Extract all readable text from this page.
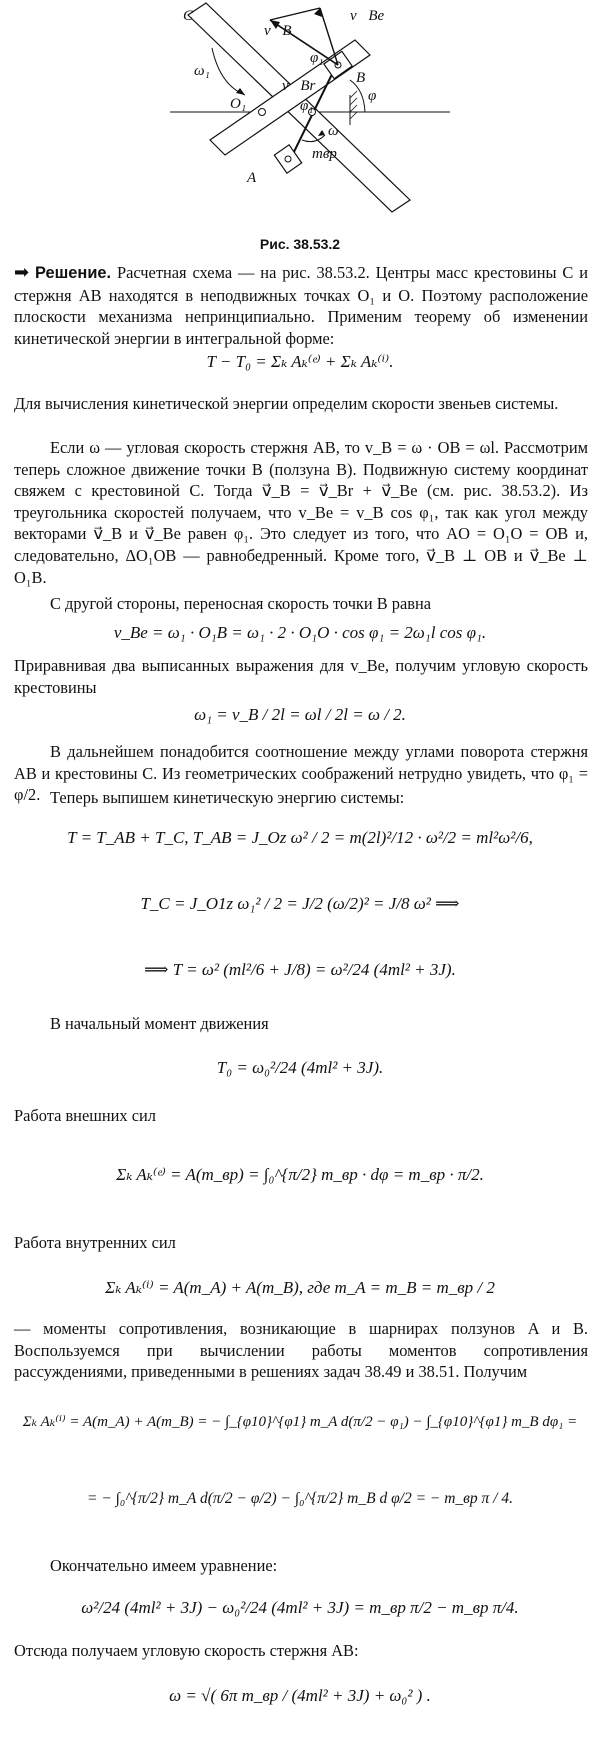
C
ω₁
O₁
A
B
v⃗B
v⃗Be
v⃗Br
φ
φ₁
φ₁
ω
mвр
Рис. 38.53.2
➡ Решение. Расчетная схема — на рис. 38.53.2. Центры масс крестовины C и стержня AB находятся в неподвижных точках O₁ и O. Поэтому расположение плоскости механизма непринципиально. Применим теорему об изменении кинетической энергии в интегральной форме:
T − T₀ = Σₖ Aₖ⁽ᵉ⁾ + Σₖ Aₖ⁽ⁱ⁾.
Для вычисления кинетической энергии определим скорости звеньев системы.
Если ω — угловая скорость стержня AB, то v_B = ω · OB = ωl. Рассмотрим теперь сложное движение точки B (ползуна B). Подвижную систему координат свяжем с крестовиной C. Тогда v⃗_B = v⃗_Br + v⃗_Be (см. рис. 38.53.2). Из треугольника скоростей получаем, что v_Be = v_B cos φ₁, так как угол между векторами v⃗_B и v⃗_Be равен φ₁. Это следует из того, что AO = O₁O = OB и, следовательно, ΔO₁OB — равнобедренный. Кроме того, v⃗_B ⊥ OB и v⃗_Be ⊥ O₁B.
С другой стороны, переносная скорость точки B равна
v_Be = ω₁ · O₁B = ω₁ · 2 · O₁O · cos φ₁ = 2ω₁l cos φ₁.
Приравнивая два выписанных выражения для v_Be, получим угловую скорость крестовины
ω₁ = v_B / 2l = ωl / 2l = ω / 2.
В дальнейшем понадобится соотношение между углами поворота стержня AB и крестовины C. Из геометрических соображений нетрудно увидеть, что φ₁ = φ/2. Теперь выпишем кинетическую энергию системы:
T = T_AB + T_C, T_AB = J_Oz ω² / 2 = m(2l)²/12 · ω²/2 = ml²ω²/6,
T_C = J_O1z ω₁² / 2 = J/2 (ω/2)² = J/8 ω² ⟹
⟹ T = ω² (ml²/6 + J/8) = ω²/24 (4ml² + 3J).
В начальный момент движения
T₀ = ω₀²/24 (4ml² + 3J).
Работа внешних сил
Σₖ Aₖ⁽ᵉ⁾ = A(m_вр) = ∫₀^{π/2} m_вр · dφ = m_вр · π/2.
Работа внутренних сил
Σₖ Aₖ⁽ⁱ⁾ = A(m_A) + A(m_B), где m_A = m_B = m_вр / 2
— моменты сопротивления, возникающие в шарнирах ползунов A и B. Воспользуемся при вычислении работы моментов сопротивления рассуждениями, приведенными в решениях задач 38.49 и 38.51. Получим
Σₖ Aₖ⁽ⁱ⁾ = A(m_A) + A(m_B) = − ∫_{φ10}^{φ1} m_A d(π/2 − φ₁) − ∫_{φ10}^{φ1} m_B dφ₁ =
= − ∫₀^{π/2} m_A d(π/2 − φ/2) − ∫₀^{π/2} m_B d φ/2 = − m_вр π / 4.
Окончательно имеем уравнение:
ω²/24 (4ml² + 3J) − ω₀²/24 (4ml² + 3J) = m_вр π/2 − m_вр π/4.
Отсюда получаем угловую скорость стержня AB:
ω = √( 6π m_вр / (4ml² + 3J) + ω₀² ) .
